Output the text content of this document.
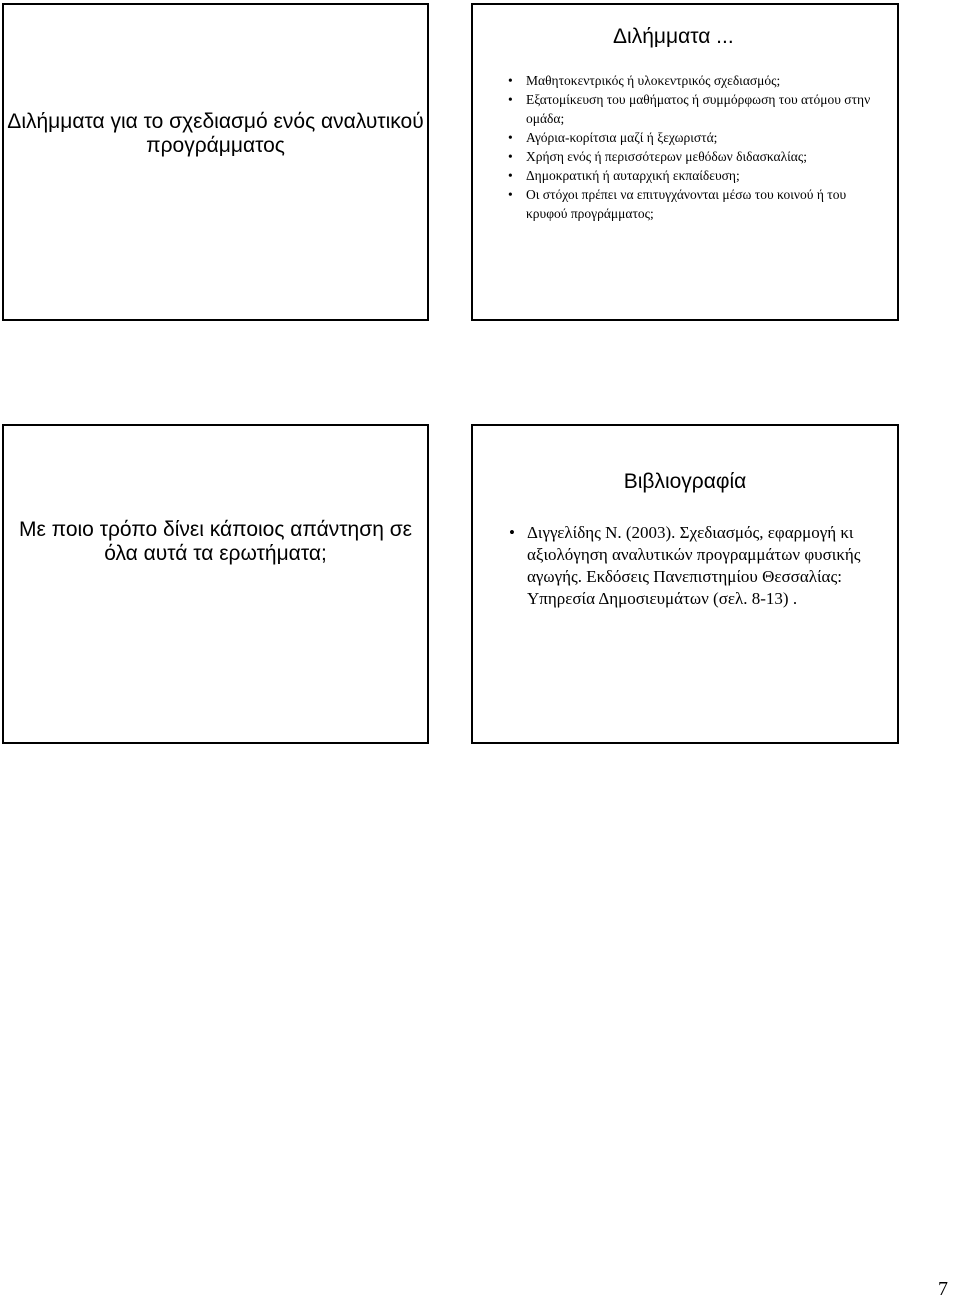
Διλήμματα για το σχεδιασμό ενός αναλυτικού προγράμματος
Διλήμματα ...
• Μαθητοκεντρικός ή υλοκεντρικός σχεδιασμός;
• Εξατομίκευση του μαθήματος ή συμμόρφωση του ατόμου στην ομάδα;
• Αγόρια-κορίτσια μαζί ή ξεχωριστά;
• Χρήση ενός ή περισσότερων μεθόδων διδασκαλίας;
• Δημοκρατική ή αυταρχική εκπαίδευση;
• Οι στόχοι πρέπει να επιτυγχάνονται μέσω του κοινού ή του κρυφού προγράμματος;
Με ποιο τρόπο δίνει κάποιος απάντηση σε όλα αυτά τα ερωτήματα;
Βιβλιογραφία
• Διγγελίδης Ν. (2003). Σχεδιασμός, εφαρμογή κι αξιολόγηση αναλυτικών προγραμμάτων φυσικής αγωγής. Εκδόσεις Πανεπιστημίου Θεσσαλίας: Υπηρεσία Δημοσιευμάτων (σελ. 8-13) .
7
